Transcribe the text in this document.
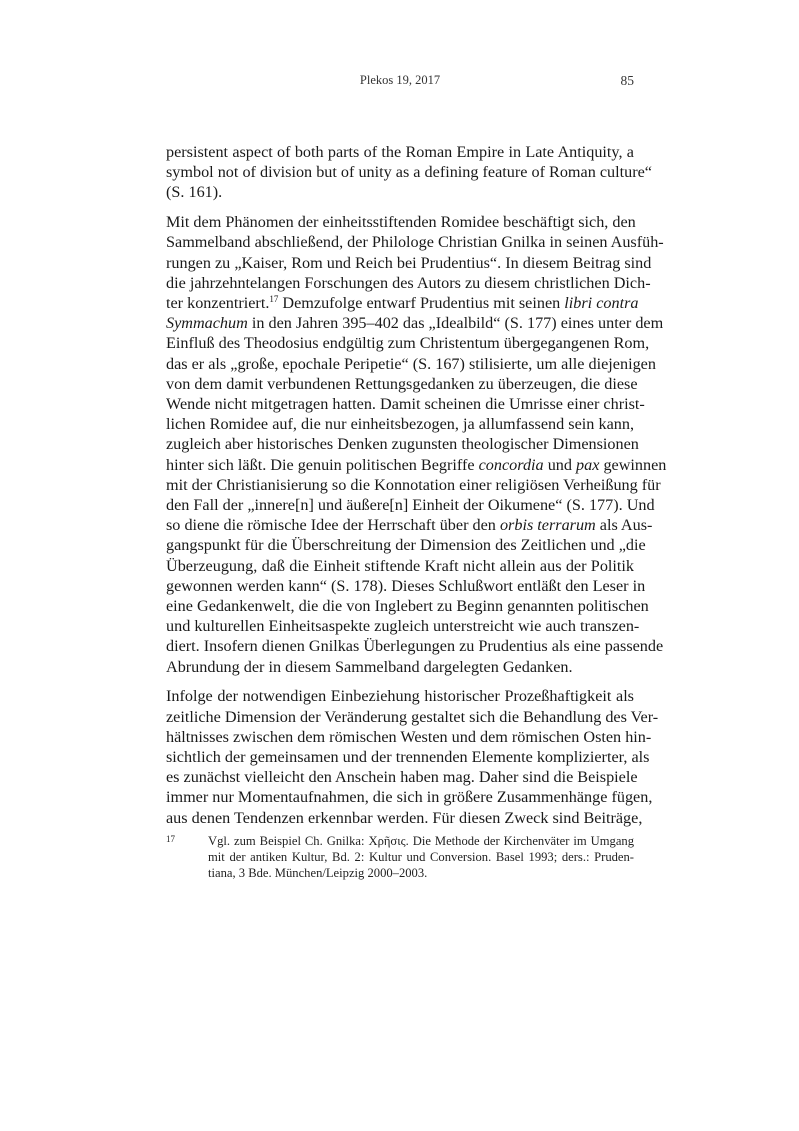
Plekos 19, 2017	85

persistent aspect of both parts of the Roman Empire in Late Antiquity, a
symbol not of division but of unity as a defining feature of Roman culture“
(S. 161).

Mit dem Phänomen der einheitsstiftenden Romidee beschäftigt sich, den
Sammelband abschließend, der Philologe Christian Gnilka in seinen Ausfüh-
rungen zu „Kaiser, Rom und Reich bei Prudentius“. In diesem Beitrag sind
die jahrzehntelangen Forschungen des Autors zu diesem christlichen Dich-
ter konzentriert.$^{17}$ Demzufolge entwarf Prudentius mit seinen libri contra
Symmachum in den Jahren 395–402 das „Idealbild“ (S. 177) eines unter dem
Einfluß des Theodosius endgültig zum Christentum übergegangenen Rom,
das er als „große, epochale Peripetie“ (S. 167) stilisierte, um alle diejenigen
von dem damit verbundenen Rettungsgedanken zu überzeugen, die diese
Wende nicht mitgetragen hatten. Damit scheinen die Umrisse einer christ-
lichen Romidee auf, die nur einheitsbezogen, ja allumfassend sein kann,
zugleich aber historisches Denken zugunsten theologischer Dimensionen
hinter sich läßt. Die genuin politischen Begriffe concordia und pax gewinnen
mit der Christianisierung so die Konnotation einer religiösen Verheißung für
den Fall der „innere[n] und äußere[n] Einheit der Oikumene“ (S. 177). Und
so diene die römische Idee der Herrschaft über den orbis terrarum als Aus-
gangspunkt für die Überschreitung der Dimension des Zeitlichen und „die
Überzeugung, daß die Einheit stiftende Kraft nicht allein aus der Politik
gewonnen werden kann“ (S. 178). Dieses Schlußwort entläßt den Leser in
eine Gedankenwelt, die die von Inglebert zu Beginn genannten politischen
und kulturellen Einheitsaspekte zugleich unterstreicht wie auch transzen-
diert. Insofern dienen Gnilkas Überlegungen zu Prudentius als eine passende
Abrundung der in diesem Sammelband dargelegten Gedanken.

Infolge der notwendigen Einbeziehung historischer Prozeßhaftigkeit als
zeitliche Dimension der Veränderung gestaltet sich die Behandlung des Ver-
hältnisses zwischen dem römischen Westen und dem römischen Osten hin-
sichtlich der gemeinsamen und der trennenden Elemente komplizierter, als
es zunächst vielleicht den Anschein haben mag. Daher sind die Beispiele
immer nur Momentaufnahmen, die sich in größere Zusammenhänge fügen,
aus denen Tendenzen erkennbar werden. Für diesen Zweck sind Beiträge,

17	Vgl. zum Beispiel Ch. Gnilka: Χρῆσις. Die Methode der Kirchenväter im Umgang
mit der antiken Kultur, Bd. 2: Kultur und Conversion. Basel 1993; ders.: Pruden-
tiana, 3 Bde. München/Leipzig 2000–2003.
